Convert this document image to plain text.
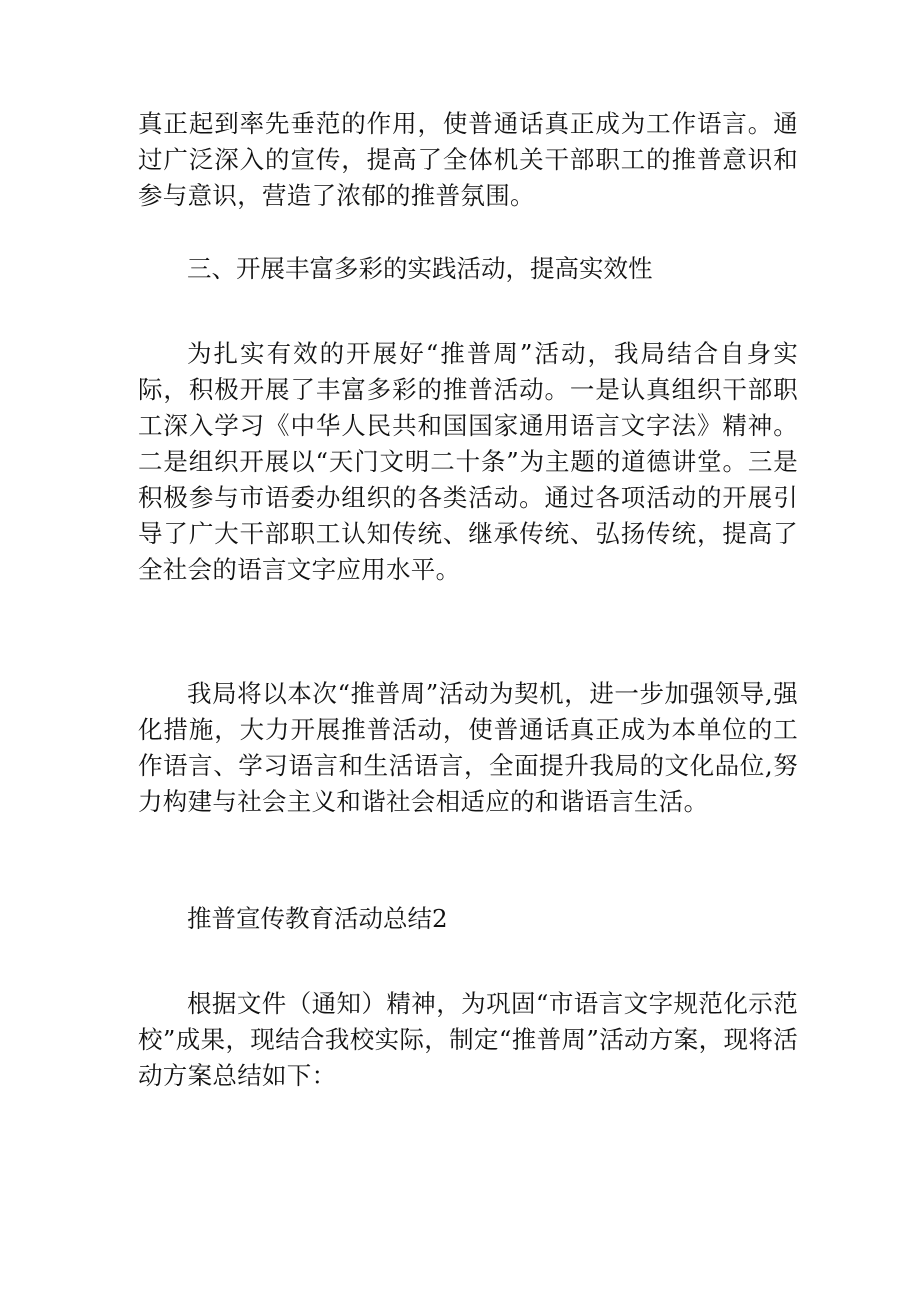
真正起到率先垂范的作用，使普通话真正成为工作语言。通过广泛深入的宣传，提高了全体机关干部职工的推普意识和参与意识，营造了浓郁的推普氛围。

三、开展丰富多彩的实践活动，提高实效性

为扎实有效的开展好“推普周”活动，我局结合自身实际，积极开展了丰富多彩的推普活动。一是认真组织干部职工深入学习《中华人民共和国国家通用语言文字法》精神。二是组织开展以“天门文明二十条”为主题的道德讲堂。三是积极参与市语委办组织的各类活动。通过各项活动的开展引导了广大干部职工认知传统、继承传统、弘扬传统，提高了全社会的语言文字应用水平。

我局将以本次“推普周”活动为契机，进一步加强领导,强化措施，大力开展推普活动，使普通话真正成为本单位的工作语言、学习语言和生活语言，全面提升我局的文化品位,努力构建与社会主义和谐社会相适应的和谐语言生活。

推普宣传教育活动总结2

根据文件（通知）精神，为巩固“市语言文字规范化示范校”成果，现结合我校实际，制定“推普周”活动方案，现将活动方案总结如下：
